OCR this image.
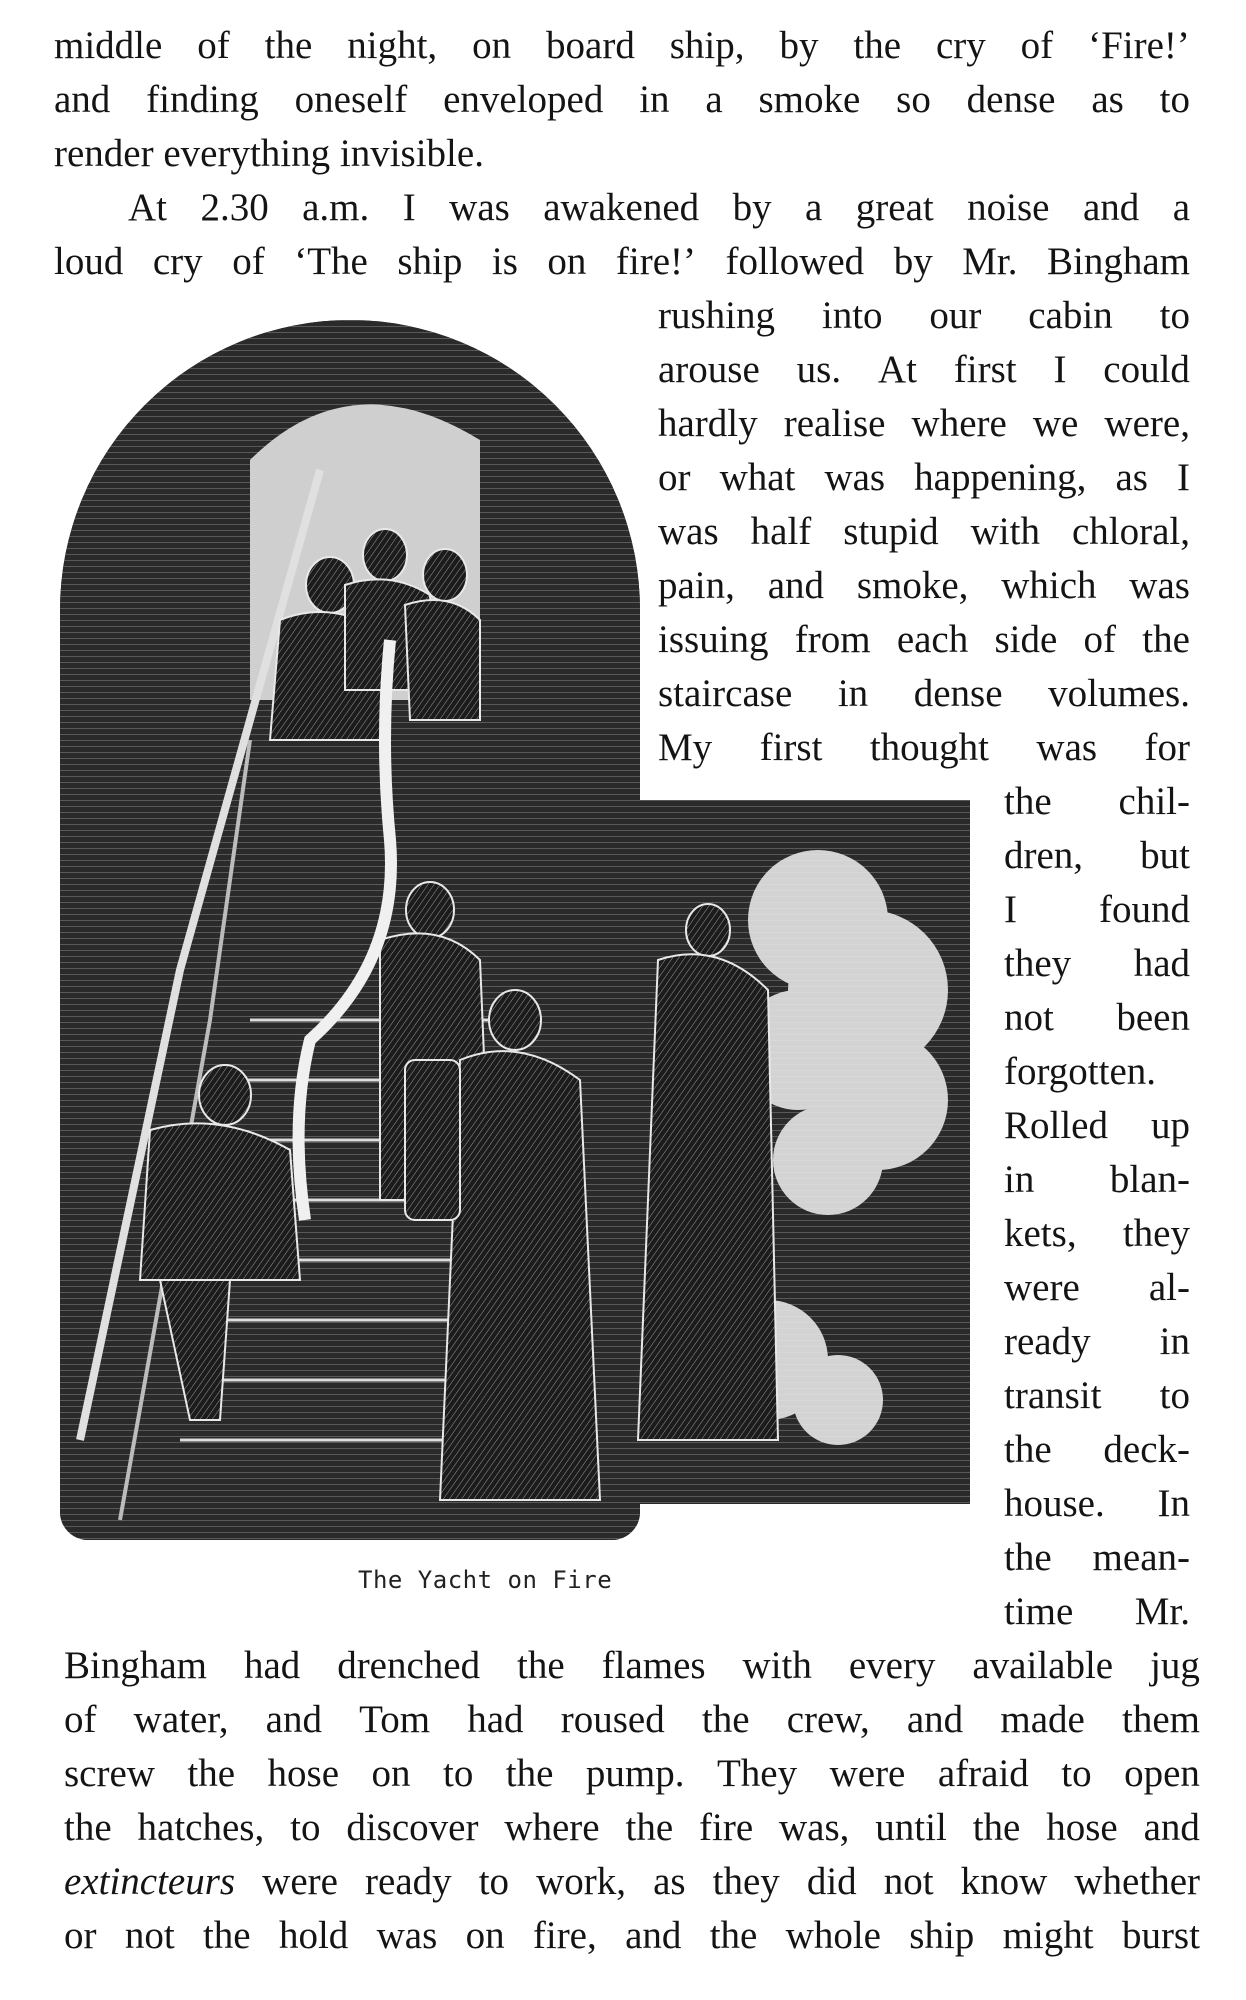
middle of the night, on board ship, by the cry of ‘Fire!’
and finding oneself enveloped in a smoke so dense as to
render everything invisible.
At 2.30 a.m. I was awakened by a great noise and a
loud cry of ‘The ship is on fire!’ followed by Mr. Bingham
rushing into our cabin to
arouse us. At first I could
hardly realise where we were,
or what was happening, as I
was half stupid with chloral,
pain, and smoke, which was
issuing from each side of the
staircase in dense volumes.
My first thought was for
the chil-
dren, but
I found
they had
not been
forgotten.
Rolled up
in blan-
kets, they
were al-
ready in
transit to
the deck-
house. In
the mean-
time Mr.
Bingham had drenched the flames with every available jug
of water, and Tom had roused the crew, and made them
screw the hose on to the pump. They were afraid to open
the hatches, to discover where the fire was, until the hose and
extincteurs were ready to work, as they did not know whether
or not the hold was on fire, and the whole ship might burst
The Yacht on Fire
